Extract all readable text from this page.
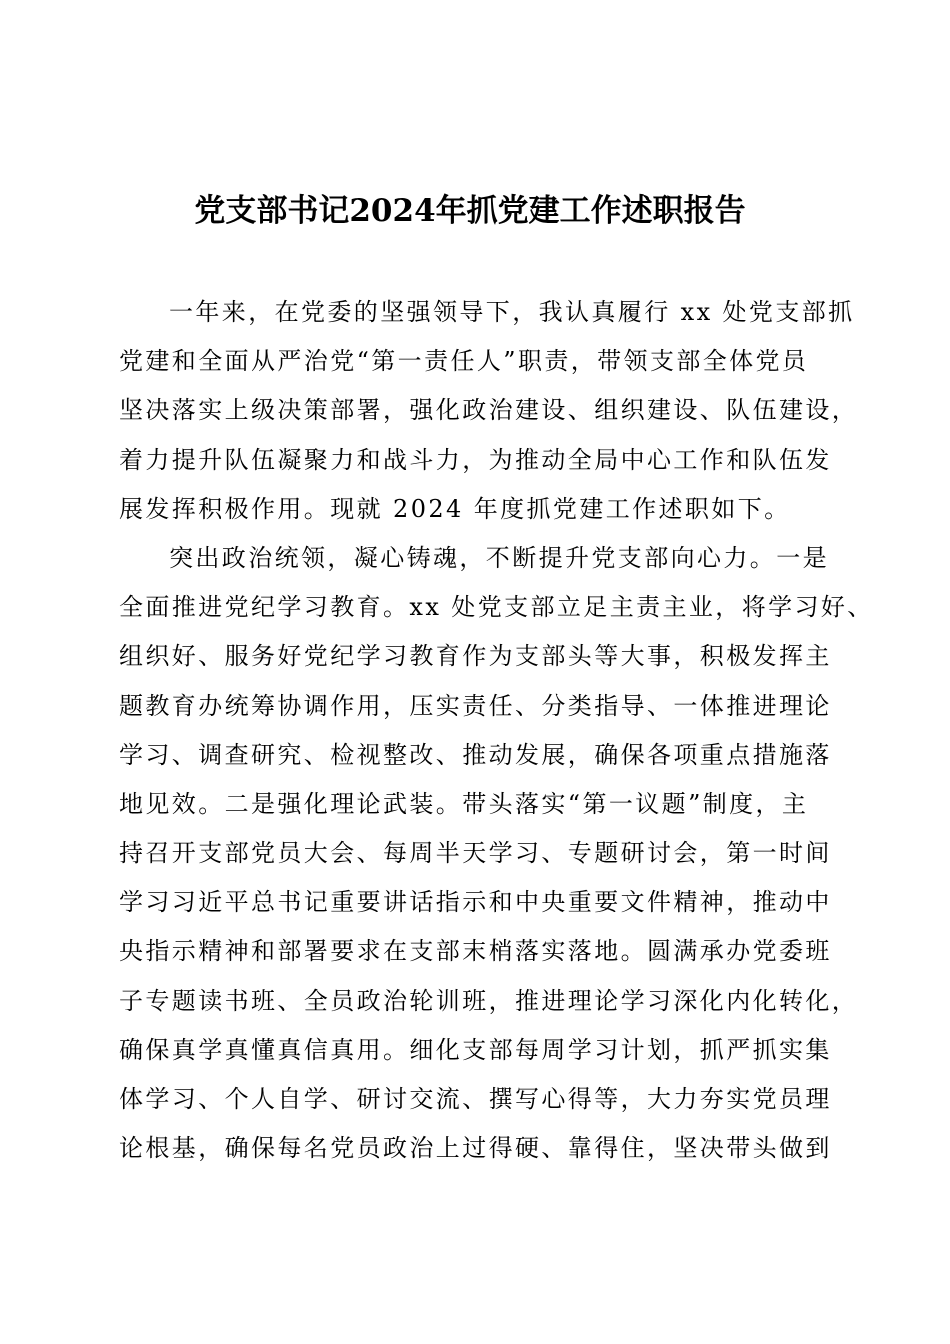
党支部书记2024年抓党建工作述职报告
一年来，在党委的坚强领导下，我认真履行 xx 处党支部抓
党建和全面从严治党“第一责任人”职责，带领支部全体党员
坚决落实上级决策部署，强化政治建设、组织建设、队伍建设，
着力提升队伍凝聚力和战斗力，为推动全局中心工作和队伍发
展发挥积极作用。现就 2024 年度抓党建工作述职如下。
突出政治统领，凝心铸魂，不断提升党支部向心力。一是
全面推进党纪学习教育。xx 处党支部立足主责主业，将学习好、
组织好、服务好党纪学习教育作为支部头等大事，积极发挥主
题教育办统筹协调作用，压实责任、分类指导、一体推进理论
学习、调查研究、检视整改、推动发展，确保各项重点措施落
地见效。二是强化理论武装。带头落实“第一议题”制度，主
持召开支部党员大会、每周半天学习、专题研讨会，第一时间
学习习近平总书记重要讲话指示和中央重要文件精神，推动中
央指示精神和部署要求在支部末梢落实落地。圆满承办党委班
子专题读书班、全员政治轮训班，推进理论学习深化内化转化，
确保真学真懂真信真用。细化支部每周学习计划，抓严抓实集
体学习、个人自学、研讨交流、撰写心得等，大力夯实党员理
论根基，确保每名党员政治上过得硬、靠得住，坚决带头做到
